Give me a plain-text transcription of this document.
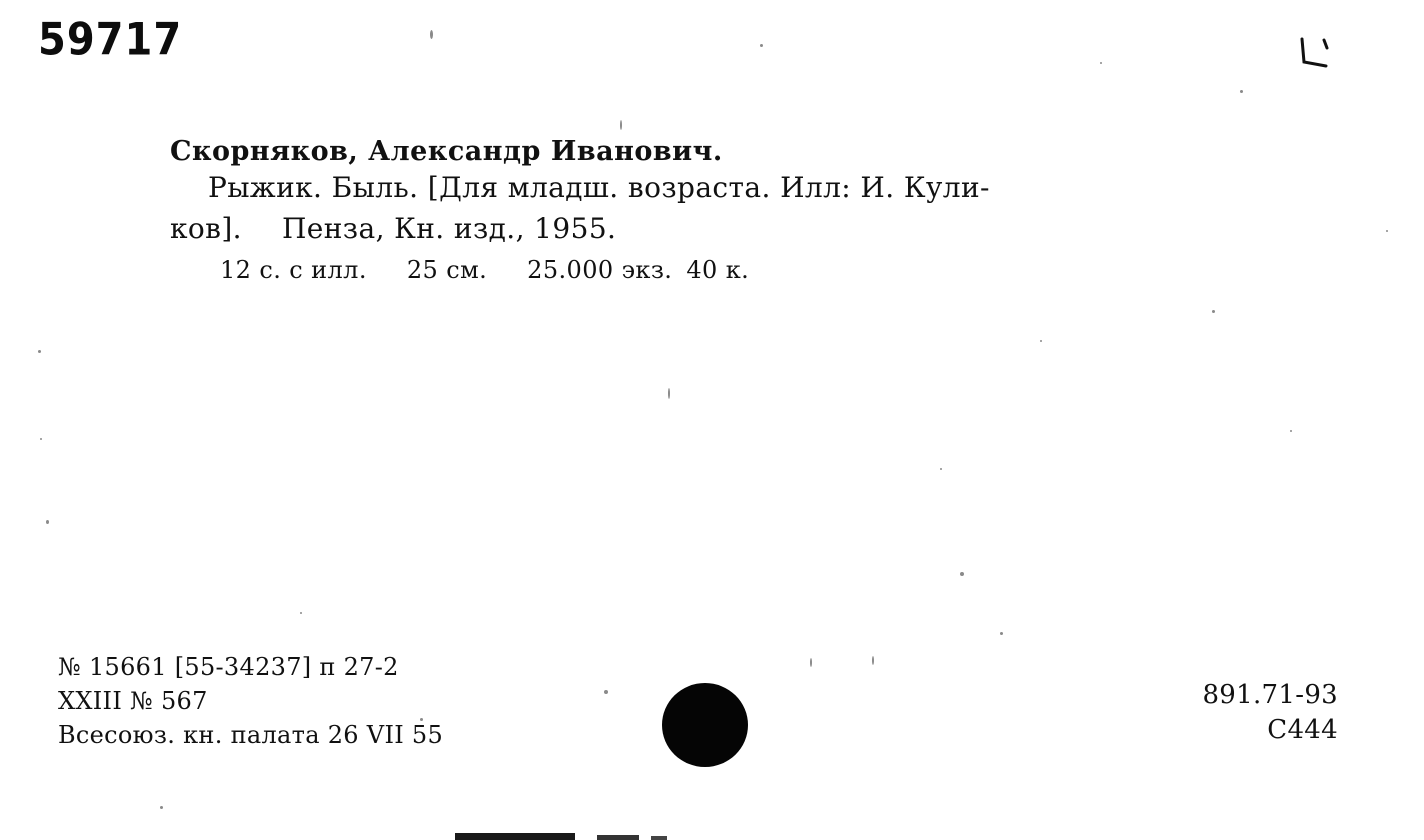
59717
Скорняков, Александр Иванович.
Рыжик. Быль. [Для младш. возраста. Илл: И. Кули-
ков]. Пенза, Кн. изд., 1955.
12 с. с илл. 25 см. 25.000 экз. 40 к.
№ 15661 [55-34237] п 27-2
XXIII № 567
Всесоюз. кн. палата 26 VII 55
891.71-93
С444
